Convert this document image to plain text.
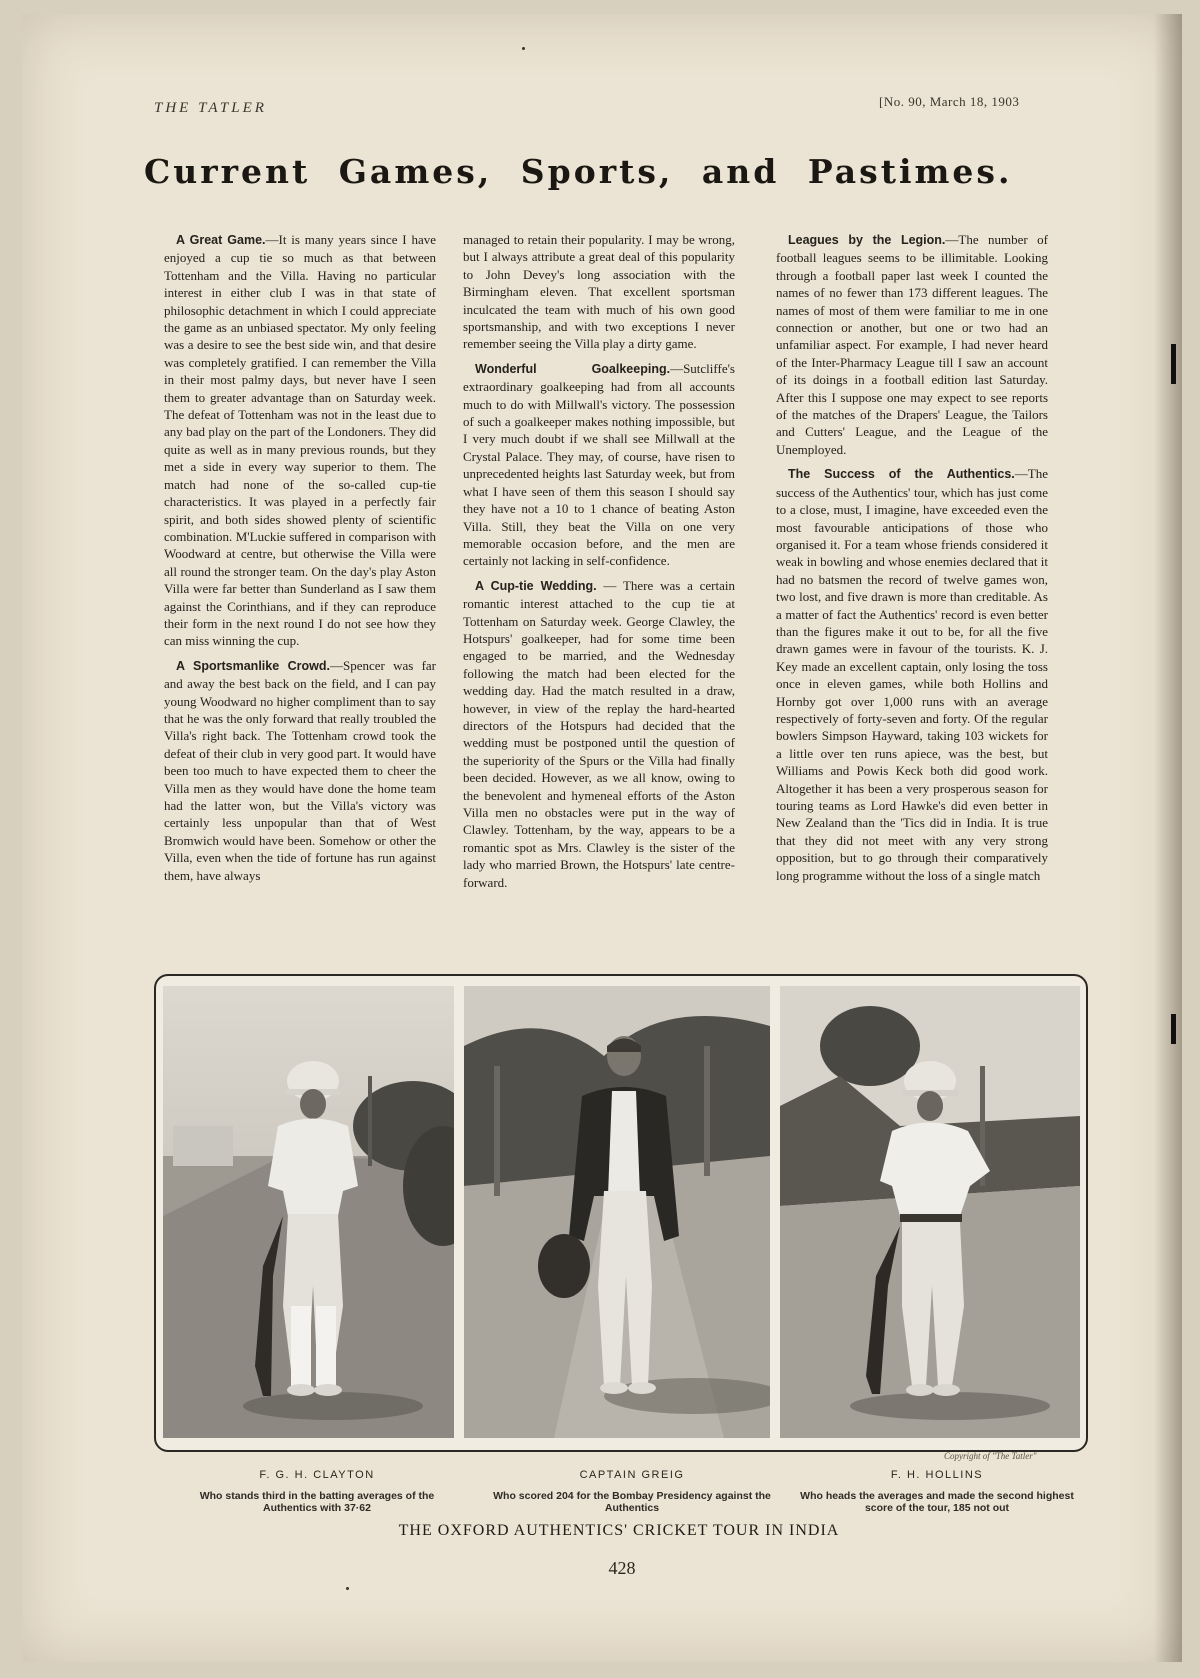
THE TATLER	[No. 90, March 18, 1903
Current Games, Sports, and Pastimes.

A Great Game.—It is many years since I have enjoyed a cup tie so much as that between Tottenham and the Villa. Having no particular interest in either club I was in that state of philosophic detachment in which I could appreciate the game as an unbiased spectator. My only feeling was a desire to see the best side win, and that desire was completely gratified. I can remember the Villa in their most palmy days, but never have I seen them to greater advantage than on Saturday week. The defeat of Tottenham was not in the least due to any bad play on the part of the Londoners. They did quite as well as in many previous rounds, but they met a side in every way superior to them. The match had none of the so-called cup-tie characteristics. It was played in a perfectly fair spirit, and both sides showed plenty of scientific combination. M'Luckie suffered in comparison with Woodward at centre, but otherwise the Villa were all round the stronger team. On the day's play Aston Villa were far better than Sunderland as I saw them against the Corinthians, and if they can reproduce their form in the next round I do not see how they can miss winning the cup.

A Sportsmanlike Crowd.—Spencer was far and away the best back on the field, and I can pay young Woodward no higher compliment than to say that he was the only forward that really troubled the Villa's right back. The Tottenham crowd took the defeat of their club in very good part. It would have been too much to have expected them to cheer the Villa men as they would have done the home team had the latter won, but the Villa's victory was certainly less unpopular than that of West Bromwich would have been. Somehow or other the Villa, even when the tide of fortune has run against them, have always

managed to retain their popularity. I may be wrong, but I always attribute a great deal of this popularity to John Devey's long association with the Birmingham eleven. That excellent sportsman inculcated the team with much of his own good sportsmanship, and with two exceptions I never remember seeing the Villa play a dirty game.

Wonderful Goalkeeping.—Sutcliffe's extraordinary goalkeeping had from all accounts much to do with Millwall's victory. The possession of such a goalkeeper makes nothing impossible, but I very much doubt if we shall see Millwall at the Crystal Palace. They may, of course, have risen to unprecedented heights last Saturday week, but from what I have seen of them this season I should say they have not a 10 to 1 chance of beating Aston Villa. Still, they beat the Villa on one very memorable occasion before, and the men are certainly not lacking in self-confidence.

A Cup-tie Wedding. — There was a certain romantic interest attached to the cup tie at Tottenham on Saturday week. George Clawley, the Hotspurs' goalkeeper, had for some time been engaged to be married, and the Wednesday following the match had been elected for the wedding day. Had the match resulted in a draw, however, in view of the replay the hard-hearted directors of the Hotspurs had decided that the wedding must be postponed until the question of the superiority of the Spurs or the Villa had finally been decided. However, as we all know, owing to the benevolent and hymeneal efforts of the Aston Villa men no obstacles were put in the way of Clawley. Tottenham, by the way, appears to be a romantic spot as Mrs. Clawley is the sister of the lady who married Brown, the Hotspurs' late centre-forward.

Leagues by the Legion.—The number of football leagues seems to be illimitable. Looking through a football paper last week I counted the names of no fewer than 173 different leagues. The names of most of them were familiar to me in one connection or another, but one or two had an unfamiliar aspect. For example, I had never heard of the Inter-Pharmacy League till I saw an account of its doings in a football edition last Saturday. After this I suppose one may expect to see reports of the matches of the Drapers' League, the Tailors and Cutters' League, and the League of the Unemployed.

The Success of the Authentics.—The success of the Authentics' tour, which has just come to a close, must, I imagine, have exceeded even the most favourable anticipations of those who organised it. For a team whose friends considered it weak in bowling and whose enemies declared that it had no batsmen the record of twelve games won, two lost, and five drawn is more than creditable. As a matter of fact the Authentics' record is even better than the figures make it out to be, for all the five drawn games were in favour of the tourists. K. J. Key made an excellent captain, only losing the toss once in eleven games, while both Hollins and Hornby got over 1,000 runs with an average respectively of forty-seven and forty. Of the regular bowlers Simpson Hayward, taking 103 wickets for a little over ten runs apiece, was the best, but Williams and Powis Keck both did good work. Altogether it has been a very prosperous season for touring teams as Lord Hawke's did even better in New Zealand than the 'Tics did in India. It is true that they did not meet with any very strong opposition, but to go through their comparatively long programme without the loss of a single match

Copyright of "The Tatler"
F. G. H. CLAYTON
Who stands third in the batting averages of the Authentics with 37·62
CAPTAIN GREIG
Who scored 204 for the Bombay Presidency against the Authentics
F. H. HOLLINS
Who heads the averages and made the second highest score of the tour, 185 not out
THE OXFORD AUTHENTICS' CRICKET TOUR IN INDIA
428
